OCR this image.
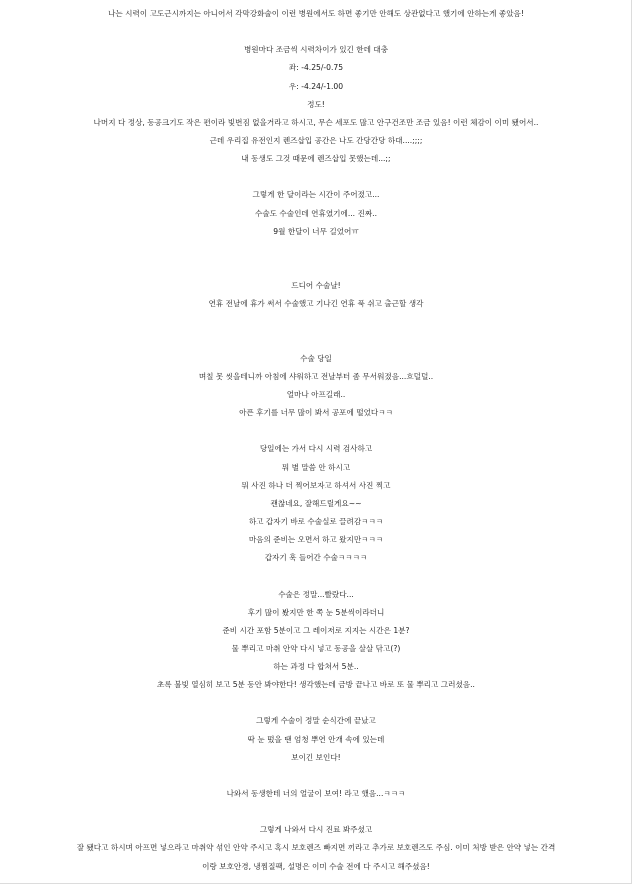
나는 시력이 고도근시까지는 아니어서 각막강화술이 이런 병원에서도 하면 좋기만 안해도 상관없다고 했기에 안하는게 좋았음!

병원마다 조금씩 시력차이가 있긴 한데 대충

좌: -4.25/-0.75

우: -4.24/-1.00

정도!

나머지 다 정상, 동공크기도 작은 편이라 빛번짐 없을거라고 하시고, 무슨 세포도 많고 안구건조만 조금 있음! 이런 체감이 이미 됐어서..

근데 우리집 유전인지 렌즈삽입 공간은 나도 간당간당 하대....;;;;

내 동생도 그것 때문에 렌즈삽입 못했는데...;;

그렇게 한 달이라는 시간이 주어졌고...

수술도 수술인데 연휴였기에... 진짜..

9월 한달이 너무 길었어ㅠ

드디어 수술날!

연휴 전날에 휴가 써서 수술했고 기나긴 연휴 푹 쉬고 출근할 생각

수술 당일

며칠 못 씻을테니까 아침에 샤워하고 전날부터 좀 무서워졌음...흐덜덜..

얼마나 아프길래..

아픈 후기를 너무 많이 봐서 공포에 떨었다ㅋㅋ

당일에는 가서 다시 시력 검사하고

뭐 별 말씀 안 하시고

뭐 사진 하나 더 찍어보자고 하셔서 사진 찍고

괜찮네요, 잘해드릴게요~~

하고 갑자기 바로 수술실로 끌려감ㅋㅋㅋ

마음의 준비는 오면서 하고 왔지만ㅋㅋㅋ

갑자기 훅 들어간 수술ㅋㅋㅋㅋ

수술은 정말...빨랐다...

후기 많이 봤지만 한 쪽 눈 5분씩이라더니

준비 시간 포함 5분이고 그 레이저로 지지는 시간은 1분?

물 뿌리고 마취 안약 다시 넣고 동공을 살살 닦고(?)

하는 과정 다 합쳐서 5분..

초록 불빛 열심히 보고 5분 동안 봐야한다! 생각했는데 금방 끝나고 바로 또 물 뿌리고 그러셨음..

그렇게 수술이 정말 순식간에 끝났고

딱 눈 떴을 땐 엄청 뿌연 안개 속에 있는데

보이긴 보인다!

나와서 동생한테 너의 얼굴이 보여! 라고 했음...ㅋㅋㅋ

그렇게 나와서 다시 진료 봐주셨고

잘 됐다고 하시며 아프면 넣으라고 마취약 섞인 안약 주시고 혹시 보호렌즈 빠지면 끼라고 추가로 보호렌즈도 주심. 이미 처방 받은 안약 넣는 간격

이랑 보호안경, 냉찜질팩, 설명은 이미 수술 전에 다 주시고 해주셨음!
